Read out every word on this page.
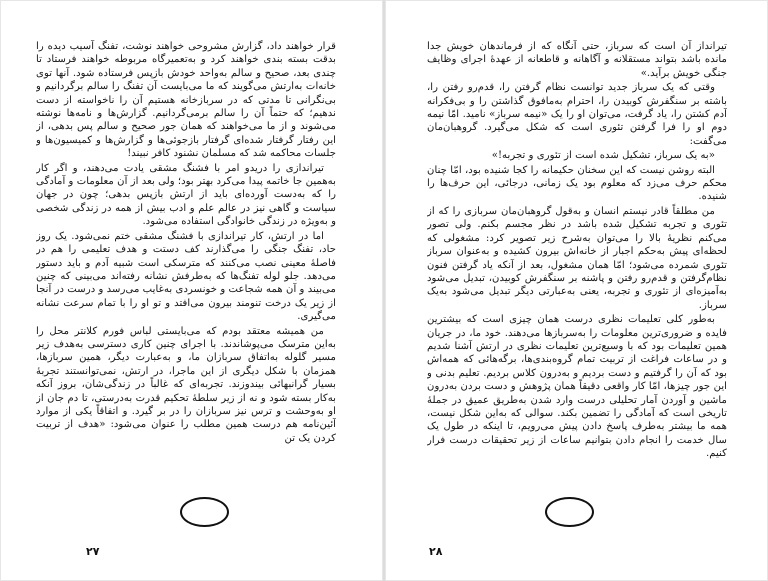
قرار خواهند داد، گزارش مشروحی خواهند نوشت، تفنگ آسیب دیده را بدقت بسته بندی خواهند کرد و به‌تعمیرگاه مربوطه خواهند فرستاد تا چندی بعد، صحیح و سالم به‌واحد خودش بازپس فرستاده شود. آنها توی خانه‌ات به‌ارتش می‌گویند که ما می‌بایست آن تفنگ را سالم برگردانیم و بی‌نگرانی تا مدتی که در سربازخانه هستیم آن را ناخواسته از دست ندهیم؛ که حتماً آن را سالم برمی‌گردانیم. گزارش‌ها و نامه‌ها نوشته می‌شوند و از ما می‌خواهند که همان جور صحیح و سالم پس بدهی، از این رفتار گرفتار شده‌ای گرفتار بازجوئی‌ها و گزارش‌ها و کمیسیون‌ها و جلسات محاکمه شد که مسلمان نشنود کافر نبیند!

تیراندازی را دریدو امر با فشنگ مشقی یادت می‌دهند، و اگر کار به‌همین جا خاتمه پیدا می‌کرد بهتر بود؛ ولی بعد از آن معلومات و آمادگی را که به‌دست آورده‌ای باید از ارتش بازپس بدهی؛ چون در جهان سیاست و گاهی نیز در عالم علم و ادب بیش از همه در زندگی شخصی و به‌ویژه در زندگی خانوادگی استفاده می‌شود.

اما در ارتش، کار تیراندازی با فشنگ مشقی ختم نمی‌شود. یک روز حاد، تفنگ جنگی را می‌گذارند کف دستت و هدف تعلیمی را هم در فاصلهٔ معینی نصب می‌کنند که مترسکی است شبیه آدم و باید دستور می‌دهد. جلو لوله تفنگ‌ها که به‌طرفش نشانه رفته‌اند می‌بینی که چنین می‌بیند و آن همه شجاعت و خونسردی به‌غایب می‌رسد و درست در آنجا از زیر یک درخت تنومند بیرون می‌افتد و تو او را با تمام سرعت نشانه می‌گیری.

من همیشه معتقد بودم که می‌بایستی لباس فورم کلانتر محل را به‌این مترسک می‌پوشاندند. با اجرای چنین کاری دسترسی به‌هدف زیر مسیر گلوله به‌اتفاق سربازان ما، و به‌عبارت دیگر، همین سربازها، همزمان با شکل دیگری از این ماجرا، در ارتش، نمی‌توانستند تجربهٔ بسیار گرانبهائی بیندوزند. تجربه‌ای که غالباً در زندگی‌شان، بروز آنکه به‌کار بسته شود و نه از زیر سلطهٔ تحکیم قدرت به‌درستی، تا دم جان از او به‌وحشت و ترس نیز سربازان را در بر گیرد. و اتفاقاً یکی از موارد آئین‌نامه هم درست همین مطلب را عنوان می‌شود: «هدف از تربیت کردن یک تن

۲۷

تیرانداز آن است که سرباز، حتی آنگاه که از فرماندهان خویش جدا مانده باشد بتواند مستقلانه و آگاهانه و قاطعانه از عهدهٔ اجرای وظایف جنگی خویش برآید.»

وقتی که یک سرباز جدید توانست نظام گرفتن را، قدم‌رو رفتن را، باشته بر سنگفرش کوبیدن را، احترام به‌مافوق گذاشتن را و بی‌فکرانه آدم کشتن را، یاد گرفت، می‌توان او را یک «نیمه سرباز» نامید. امّا نیمه دوم او را فرا گرفتن تئوری است که شکل می‌گیرد. گروهبان‌مان می‌گفت:

«به یک سرباز، تشکیل شده است از تئوری و تجربه!»

البته روشن نیست که این سخنان حکیمانه را کجا شنیده بود، امّا چنان محکم حرف می‌زد که معلوم بود یک زمانی، درجائی، این حرف‌ها را شنیده.

من مطلقاً قادر نیستم انسان و به‌قول گروهبان‌مان سربازی را که از تئوری و تجربه تشکیل شده باشد در نظر مجسم بکنم. ولی تصور می‌کنم نظریهٔ بالا را می‌توان به‌شرح زیر تصویر کرد: مشغولی که لحظه‌ای پیش به‌حکم اجبار از خانه‌اش بیرون کشیده و به‌عنوان سرباز تئوری شمرده می‌شود؛ امّا همان مشغول، بعد از آنکه یاد گرفتن فنون نظام‌گرفتن و قدم‌رو رفتن و پاشنه بر سنگفرش کوبیدن، تبدیل می‌شود به‌آمیزه‌ای از تئوری و تجربه، یعنی به‌عبارتی دیگر تبدیل می‌شود به‌یک سرباز.

به‌طور کلی تعلیمات نظری درست همان چیزی است که بیشترین فایده و ضروری‌ترین معلومات را به‌سربازها می‌دهند. خود ما، در جریان همین تعلیمات بود که با وسیع‌ترین تعلیمات نظری در ارتش آشنا شدیم و در ساعات فراغت از تربیت تمام گروه‌بندی‌ها، برگه‌هائی که همه‌اش بود که آن را گرفتیم و دست بردیم و به‌درون کلاس بردیم. تعلیم بدنی و این جور چیزها، امّا کار واقعی دقیقاً همان پژوهش و دست بردن به‌درون ماشین و آوردن آمار تحلیلی درست وارد شدن به‌طریق عمیق در جملهٔ تاریخی است که آمادگی را تضمین بکند. سوالی که به‌این شکل نیست، همه ما بیشتر به‌طرف پاسخ دادن پیش می‌رویم، تا اینکه در طول یک سال خدمت را انجام دادن بتوانیم ساعات از زیر تحقیقات درست فرار کنیم.

۲۸
